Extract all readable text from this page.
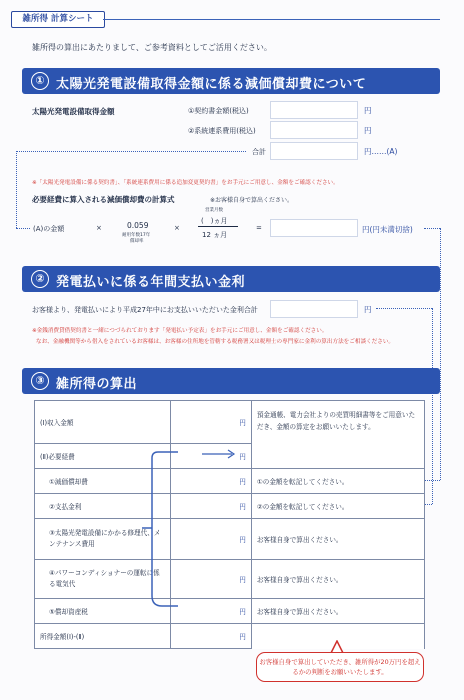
雑所得 計算シート
雑所得の算出にあたりまして、ご参考資料としてご活用ください。
① 太陽光発電設備取得金額に係る減価償却費について
太陽光発電設備取得金額	①契約書金額(税込)	円
②系統連系費用(税込)	円
合計	円……(A)
※「太陽光発電設備に係る契約書」、「系統連系費用に係る追加変更契約書」をお手元にご用意し、金額をご確認ください。
必要経費に算入される減価償却費の計算式	※お客様自身で算出ください。
(A)の金額	×	0.059
耐用年数17年
償却率
×
営業月数
(　)ヵ月
12 ヵ月
=	円(円未満切捨)
② 発電払いに係る年間支払い金利
お客様より、発電払いにより平成27年中にお支払いいただいた金利合計	円
※金銭消費貸借契約書と一緒につづられております「発電払い予定表」をお手元にご用意し、金額をご確認ください。
なお、金融機関等から借入をされているお客様は、お客様の住所地を管轄する税務署又は税理士の専門家に金利の算出方法をご相談ください。
③ 雑所得の算出
(Ⅰ)収入金額	円	預金通帳、電力会社よりの売買明細書等をご用意いただき、金額の算定をお願いいたします。
(Ⅱ)必要経費	円	
①減価償却費	円	①の金額を転記してください。
②支払金利	円	②の金額を転記してください。
③太陽光発電設備にかかる修理代、メンテナンス費用	円	お客様自身で算出ください。
④パワーコンディショナーの運転に係る電気代	円	お客様自身で算出ください。
⑤償却資産税	円	お客様自身で算出ください。
所得金額(Ⅰ)-(Ⅱ)	円	
お客様自身で算出していただき、雑所得が20万円を超えるかの判断をお願いいたします。
